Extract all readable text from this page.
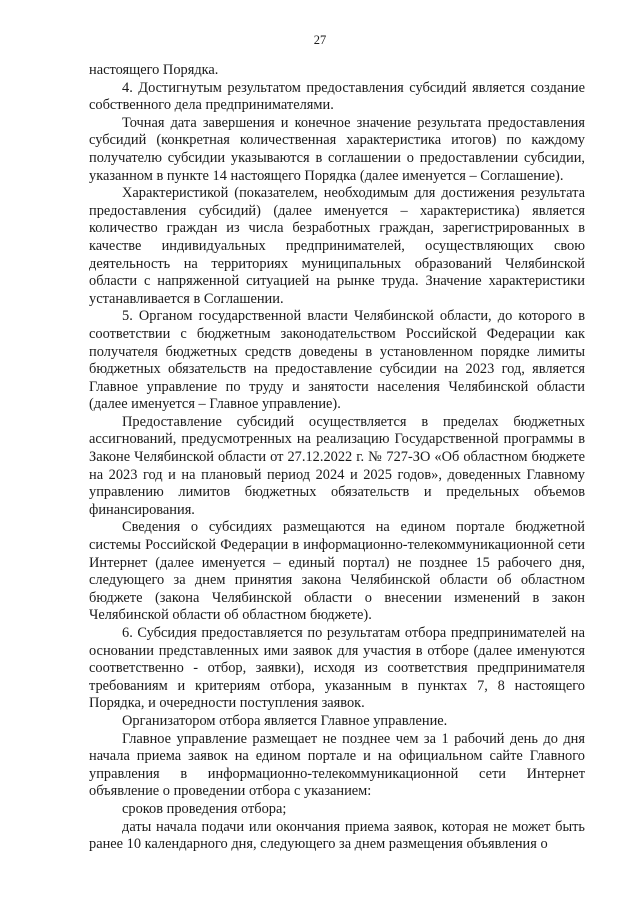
27

настоящего Порядка.

4. Достигнутым результатом предоставления субсидий является создание собственного дела предпринимателями.

Точная дата завершения и конечное значение результата предоставления субсидий (конкретная количественная характеристика итогов) по каждому получателю субсидии указываются в соглашении о предоставлении субсидии, указанном в пункте 14 настоящего Порядка (далее именуется – Соглашение).

Характеристикой (показателем, необходимым для достижения результата предоставления субсидий) (далее именуется – характеристика) является количество граждан из числа безработных граждан, зарегистрированных в качестве индивидуальных предпринимателей, осуществляющих свою деятельность на территориях муниципальных образований Челябинской области с напряженной ситуацией на рынке труда. Значение характеристики устанавливается в Соглашении.

5. Органом государственной власти Челябинской области, до которого в соответствии с бюджетным законодательством Российской Федерации как получателя бюджетных средств доведены в установленном порядке лимиты бюджетных обязательств на предоставление субсидии на 2023 год, является Главное управление по труду и занятости населения Челябинской области (далее именуется – Главное управление).

Предоставление субсидий осуществляется в пределах бюджетных ассигнований, предусмотренных на реализацию Государственной программы в Законе Челябинской области от 27.12.2022 г. № 727-ЗО «Об областном бюджете на 2023 год и на плановый период 2024 и 2025 годов», доведенных Главному управлению лимитов бюджетных обязательств и предельных объемов финансирования.

Сведения о субсидиях размещаются на едином портале бюджетной системы Российской Федерации в информационно-телекоммуникационной сети Интернет (далее именуется – единый портал) не позднее 15 рабочего дня, следующего за днем принятия закона Челябинской области об областном бюджете (закона Челябинской области о внесении изменений в закон Челябинской области об областном бюджете).

6. Субсидия предоставляется по результатам отбора предпринимателей на основании представленных ими заявок для участия в отборе (далее именуются соответственно - отбор, заявки), исходя из соответствия предпринимателя требованиям и критериям отбора, указанным в пунктах 7, 8 настоящего Порядка, и очередности поступления заявок.

Организатором отбора является Главное управление.

Главное управление размещает не позднее чем за 1 рабочий день до дня начала приема заявок на едином портале и на официальном сайте Главного управления в информационно-телекоммуникационной сети Интернет объявление о проведении отбора с указанием:

сроков проведения отбора;

даты начала подачи или окончания приема заявок, которая не может быть ранее 10 календарного дня, следующего за днем размещения объявления о
